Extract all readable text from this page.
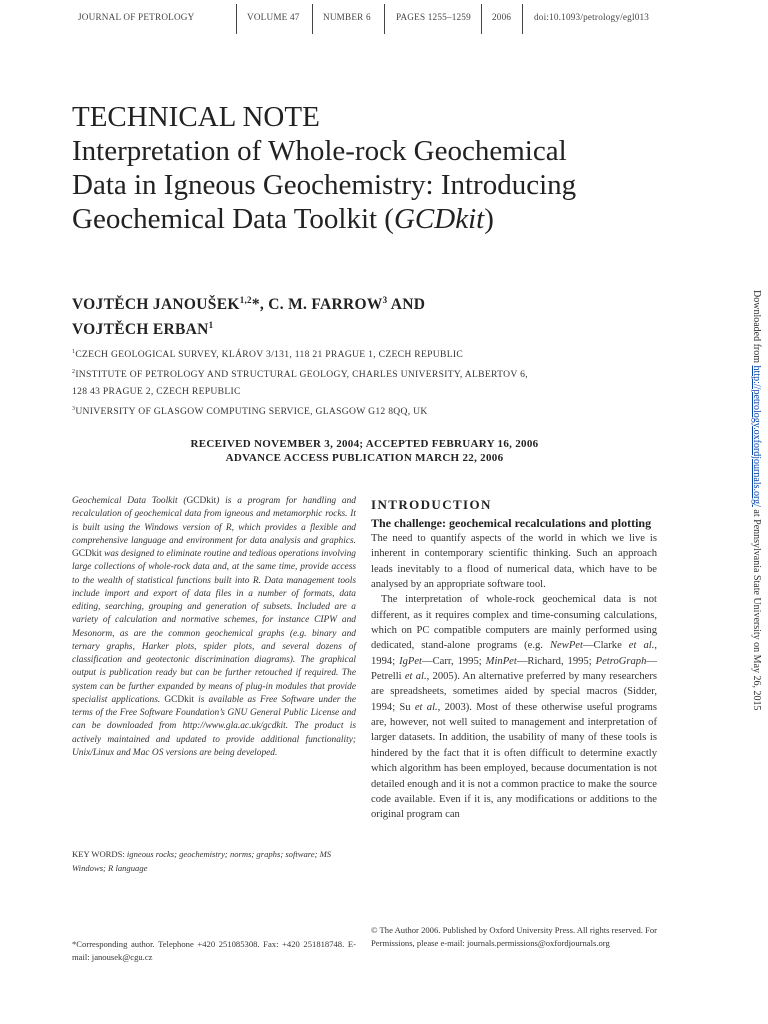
JOURNAL OF PETROLOGY	VOLUME 47	NUMBER 6	PAGES 1255–1259 2006 doi:10.1093/petrology/egl013
TECHNICAL NOTE
Interpretation of Whole-rock Geochemical
Data in Igneous Geochemistry: Introducing
Geochemical Data Toolkit (GCDkit)
VOJTĚCH JANOUŠEK$^{1,2}$*, C. M. FARROW$^3$ AND
VOJTĚCH ERBAN$^1$
$^1$CZECH GEOLOGICAL SURVEY, KLÁROV 3/131, 118 21 PRAGUE 1, CZECH REPUBLIC
$^2$INSTITUTE OF PETROLOGY AND STRUCTURAL GEOLOGY, CHARLES UNIVERSITY, ALBERTOV 6,
128 43 PRAGUE 2, CZECH REPUBLIC
$^3$UNIVERSITY OF GLASGOW COMPUTING SERVICE, GLASGOW G12 8QQ, UK
RECEIVED NOVEMBER 3, 2004; ACCEPTED FEBRUARY 16, 2006
ADVANCE ACCESS PUBLICATION MARCH 22, 2006
Geochemical Data Toolkit (GCDkit) is a program for handling and recalculation of geochemical data from igneous and metamorphic rocks. It is built using the Windows version of R, which provides a flexible and comprehensive language and environment for data analysis and graphics. GCDkit was designed to eliminate routine and tedious operations involving large collections of whole-rock data and, at the same time, provide access to the wealth of statistical functions built into R. Data management tools include import and export of data files in a number of formats, data editing, searching, grouping and generation of subsets. Included are a variety of calculation and normative schemes, for instance CIPW and Mesonorm, as are the common geochemical graphs (e.g. binary and ternary graphs, Harker plots, spider plots, and several dozens of classification and geotectonic discrimination diagrams). The graphical output is publication ready but can be further retouched if required. The system can be further expanded by means of plug-in modules that provide specialist applications. GCDkit is available as Free Software under the terms of the Free Software Foundation’s GNU General Public License and can be downloaded from http://www.gla.ac.uk/gcdkit. The product is actively maintained and updated to provide additional functionality; Unix/Linux and Mac OS versions are being developed.
KEY WORDS: igneous rocks; geochemistry; norms; graphs; software; MS Windows; R language
*Corresponding author. Telephone +420 251085308. Fax: +420 251818748. E-mail: janousek@cgu.cz
INTRODUCTION
The challenge: geochemical recalculations and plotting

The need to quantify aspects of the world in which we live is inherent in contemporary scientific thinking. Such an approach leads inevitably to a flood of numerical data, which have to be analysed by an appropriate software tool.

The interpretation of whole-rock geochemical data is not different, as it requires complex and time-consuming calculations, which on PC compatible computers are mainly performed using dedicated, stand-alone programs (e.g. NewPet—Clarke et al., 1994; IgPet—Carr, 1995; MinPet—Richard, 1995; PetroGraph—Petrelli et al., 2005). An alternative preferred by many researchers are spreadsheets, sometimes aided by special macros (Sidder, 1994; Su et al., 2003). Most of these otherwise useful programs are, however, not well suited to management and interpretation of larger datasets. In addition, the usability of many of these tools is hindered by the fact that it is often difficult to determine exactly which algorithm has been employed, because documentation is not detailed enough and it is not a common practice to make the source code available. Even if it is, any modifications or additions to the original program can

© The Author 2006. Published by Oxford University Press. All rights reserved. For Permissions, please e-mail: journals.permissions@oxfordjournals.org
Downloaded from http://petrology.oxfordjournals.org/ at Pennsylvania State University on May 26, 2015
